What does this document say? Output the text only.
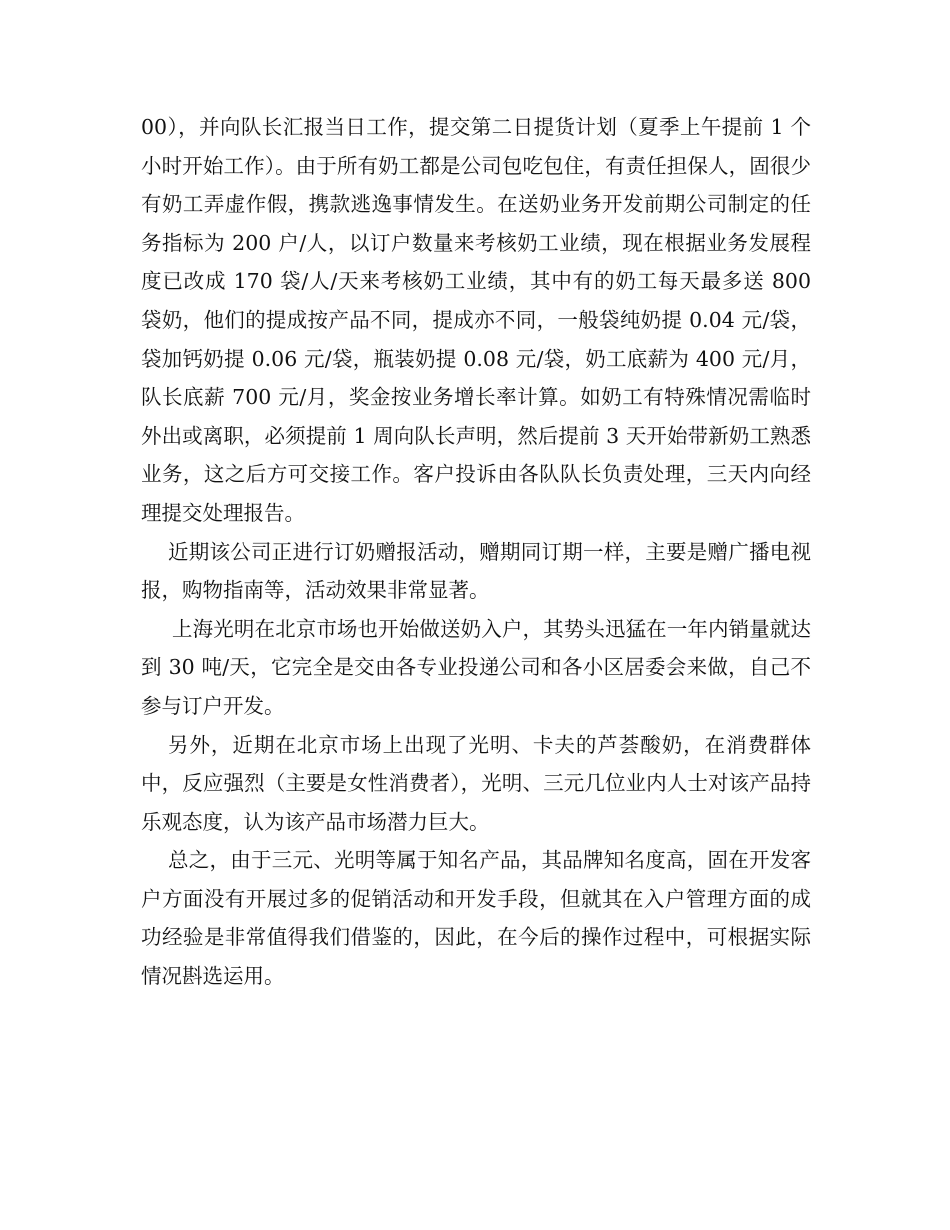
00），并向队长汇报当日工作，提交第二日提货计划（夏季上午提前 1 个小时开始工作）。由于所有奶工都是公司包吃包住，有责任担保人，固很少有奶工弄虚作假，携款逃逸事情发生。在送奶业务开发前期公司制定的任务指标为 200 户/人，以订户数量来考核奶工业绩，现在根据业务发展程度已改成 170 袋/人/天来考核奶工业绩，其中有的奶工每天最多送 800 袋奶，他们的提成按产品不同，提成亦不同，一般袋纯奶提 0.04 元/袋，袋加钙奶提 0.06 元/袋，瓶装奶提 0.08 元/袋，奶工底薪为 400 元/月，队长底薪 700 元/月，奖金按业务增长率计算。如奶工有特殊情况需临时外出或离职，必须提前 1 周向队长声明，然后提前 3 天开始带新奶工熟悉业务，这之后方可交接工作。客户投诉由各队队长负责处理，三天内向经理提交处理报告。

近期该公司正进行订奶赠报活动，赠期同订期一样，主要是赠广播电视报，购物指南等，活动效果非常显著。

上海光明在北京市场也开始做送奶入户，其势头迅猛在一年内销量就达到 30 吨/天，它完全是交由各专业投递公司和各小区居委会来做，自己不参与订户开发。

另外，近期在北京市场上出现了光明、卡夫的芦荟酸奶，在消费群体中，反应强烈（主要是女性消费者），光明、三元几位业内人士对该产品持乐观态度，认为该产品市场潜力巨大。

总之，由于三元、光明等属于知名产品，其品牌知名度高，固在开发客户方面没有开展过多的促销活动和开发手段，但就其在入户管理方面的成功经验是非常值得我们借鉴的，因此，在今后的操作过程中，可根据实际情况斟选运用。
